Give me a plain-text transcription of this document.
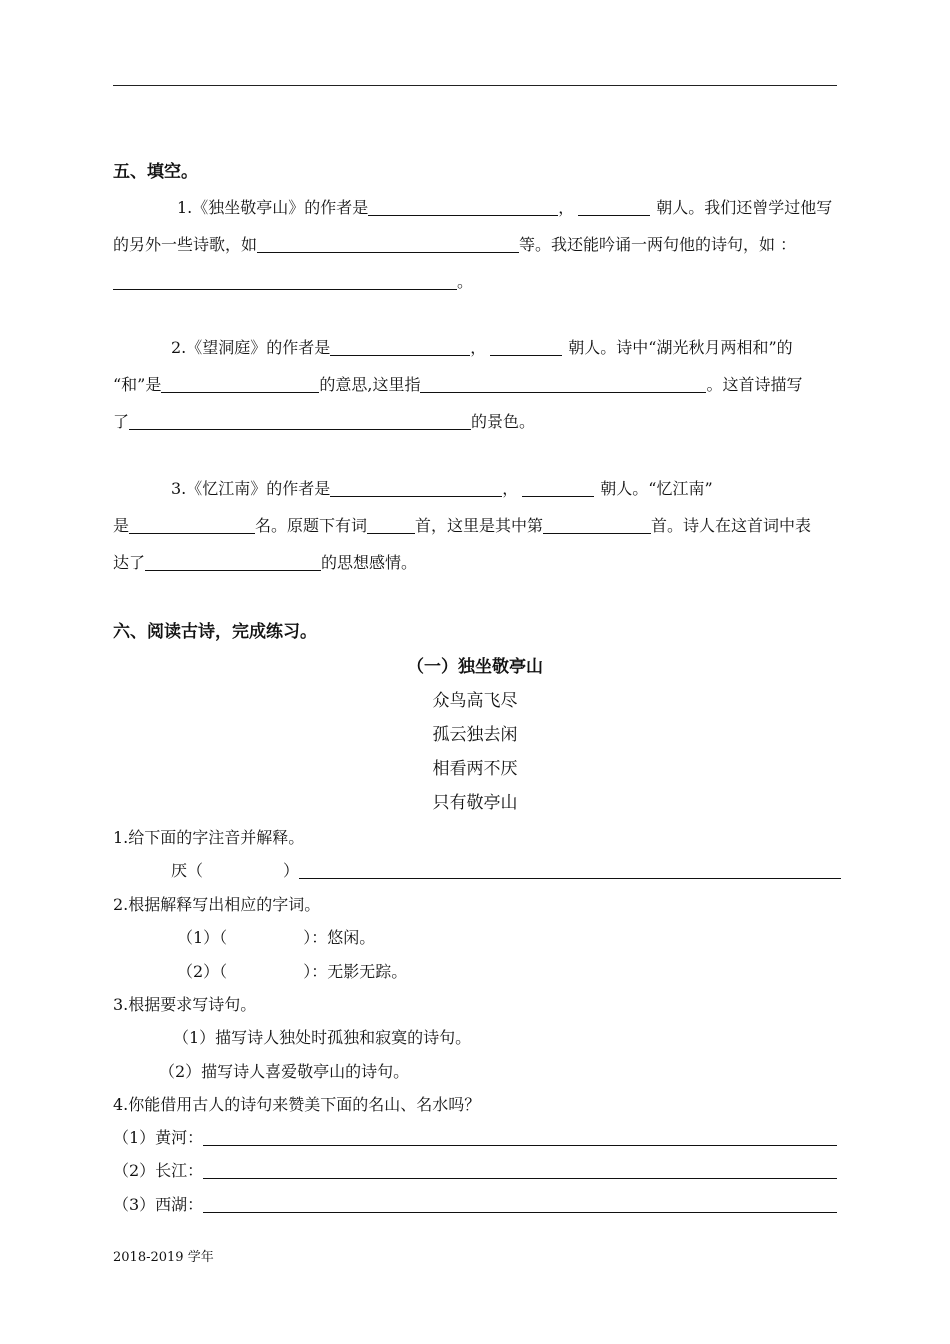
五、填空。
1.《独坐敬亭山》的作者是	，	朝人。我们还曾学过他写
的另外一些诗歌，如	等。我还能吟诵一两句他的诗句，如 ：
。
2.《望洞庭》的作者是	，	朝人。诗中“湖光秋月两相和”的
“和”是	的意思,这里指	。这首诗描写
了	的景色。
3.《忆江南》的作者是	，	朝人。“忆江南”
是	名。原题下有词	首，这里是其中第	首。诗人在这首词中表
达了	的思想感情。
六、阅读古诗，完成练习。
（一）独坐敬亭山
众鸟高飞尽
孤云独去闲
相看两不厌
只有敬亭山
1.给下面的字注音并解释。
厌（	）
2.根据解释写出相应的字词。
（1）（	）：悠闲。
（2）（	）：无影无踪。
3.根据要求写诗句。
（1）描写诗人独处时孤独和寂寞的诗句。
（2）描写诗人喜爱敬亭山的诗句。
4.你能借用古人的诗句来赞美下面的名山、名水吗？
（1）黄河：
（2）长江：
（3）西湖：
2018-2019 学年
